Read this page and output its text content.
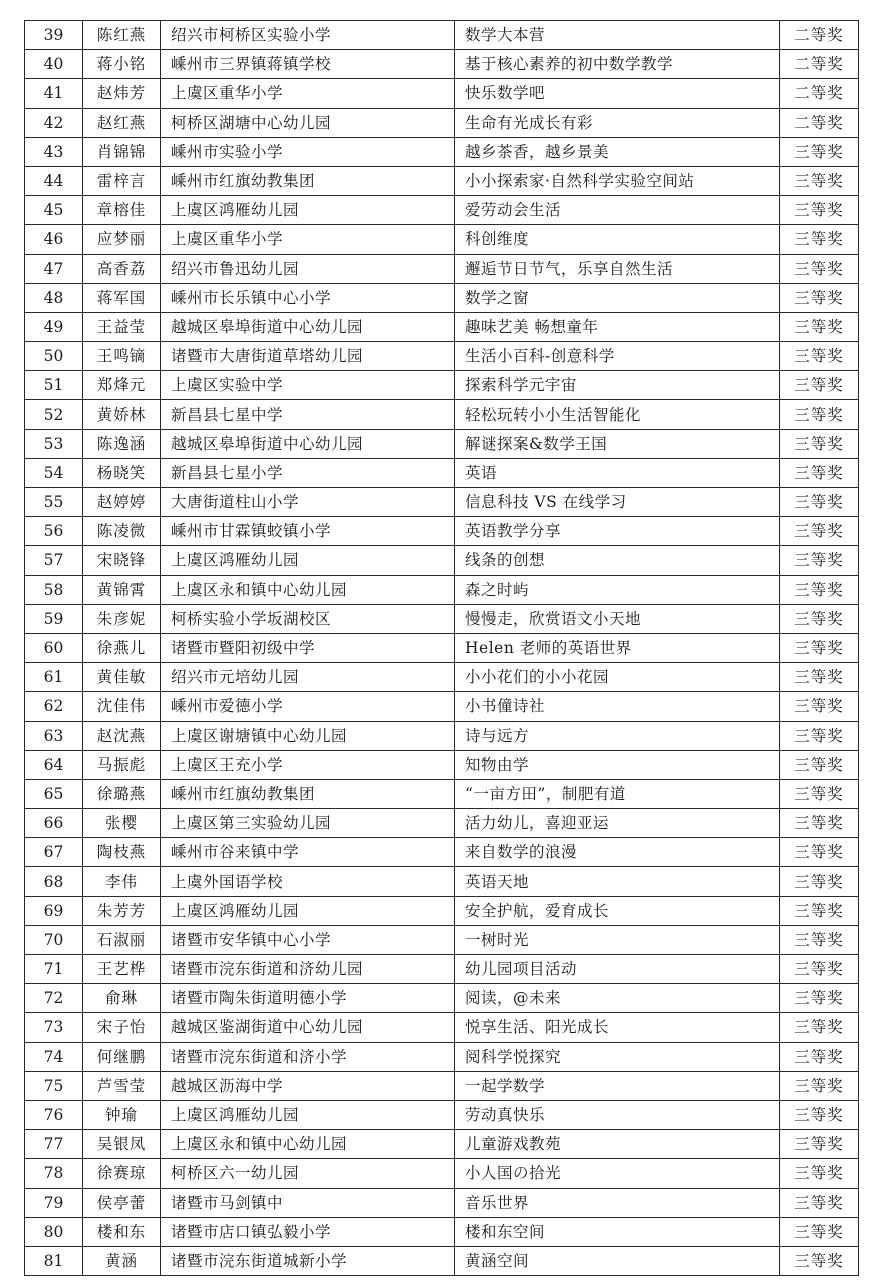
39	陈红燕	绍兴市柯桥区实验小学	数学大本营	二等奖
40	蒋小铭	嵊州市三界镇蒋镇学校	基于核心素养的初中数学教学	二等奖
41	赵炜芳	上虞区重华小学	快乐数学吧	二等奖
42	赵红燕	柯桥区湖塘中心幼儿园	生命有光成长有彩	二等奖
43	肖锦锦	嵊州市实验小学	越乡茶香，越乡景美	三等奖
44	雷梓言	嵊州市红旗幼教集团	小小探索家·自然科学实验空间站	三等奖
45	章榕佳	上虞区鸿雁幼儿园	爱劳动会生活	三等奖
46	应梦丽	上虞区重华小学	科创维度	三等奖
47	高香荔	绍兴市鲁迅幼儿园	邂逅节日节气，乐享自然生活	三等奖
48	蒋军国	嵊州市长乐镇中心小学	数学之窗	三等奖
49	王益莹	越城区皋埠街道中心幼儿园	趣味艺美 畅想童年	三等奖
50	王鸣镝	诸暨市大唐街道草塔幼儿园	生活小百科-创意科学	三等奖
51	郑烽元	上虞区实验中学	探索科学元宇宙	三等奖
52	黄娇林	新昌县七星中学	轻松玩转小小生活智能化	三等奖
53	陈逸涵	越城区皋埠街道中心幼儿园	解谜探案&数学王国	三等奖
54	杨晓笑	新昌县七星小学	英语	三等奖
55	赵婷婷	大唐街道柱山小学	信息科技 VS 在线学习	三等奖
56	陈凌微	嵊州市甘霖镇蛟镇小学	英语教学分享	三等奖
57	宋晓锋	上虞区鸿雁幼儿园	线条的创想	三等奖
58	黄锦霄	上虞区永和镇中心幼儿园	森之时屿	三等奖
59	朱彦妮	柯桥实验小学坂湖校区	慢慢走，欣赏语文小天地	三等奖
60	徐燕儿	诸暨市暨阳初级中学	Helen 老师的英语世界	三等奖
61	黄佳敏	绍兴市元培幼儿园	小小花们的小小花园	三等奖
62	沈佳伟	嵊州市爱德小学	小书僮诗社	三等奖
63	赵沈燕	上虞区谢塘镇中心幼儿园	诗与远方	三等奖
64	马振彪	上虞区王充小学	知物由学	三等奖
65	徐璐燕	嵊州市红旗幼教集团	“一亩方田”，制肥有道	三等奖
66	张樱	上虞区第三实验幼儿园	活力幼儿，喜迎亚运	三等奖
67	陶枝燕	嵊州市谷来镇中学	来自数学的浪漫	三等奖
68	李伟	上虞外国语学校	英语天地	三等奖
69	朱芳芳	上虞区鸿雁幼儿园	安全护航，爱育成长	三等奖
70	石淑丽	诸暨市安华镇中心小学	一树时光	三等奖
71	王艺桦	诸暨市浣东街道和济幼儿园	幼儿园项目活动	三等奖
72	俞琳	诸暨市陶朱街道明德小学	阅读，@未来	三等奖
73	宋子怡	越城区鉴湖街道中心幼儿园	悦享生活、阳光成长	三等奖
74	何继鹏	诸暨市浣东街道和济小学	阅科学悦探究	三等奖
75	芦雪莹	越城区沥海中学	一起学数学	三等奖
76	钟瑜	上虞区鸿雁幼儿园	劳动真快乐	三等奖
77	吴银凤	上虞区永和镇中心幼儿园	儿童游戏教苑	三等奖
78	徐赛琼	柯桥区六一幼儿园	小人国の拾光	三等奖
79	侯亭蕾	诸暨市马剑镇中	音乐世界	三等奖
80	楼和东	诸暨市店口镇弘毅小学	楼和东空间	三等奖
81	黄涵	诸暨市浣东街道城新小学	黄涵空间	三等奖
